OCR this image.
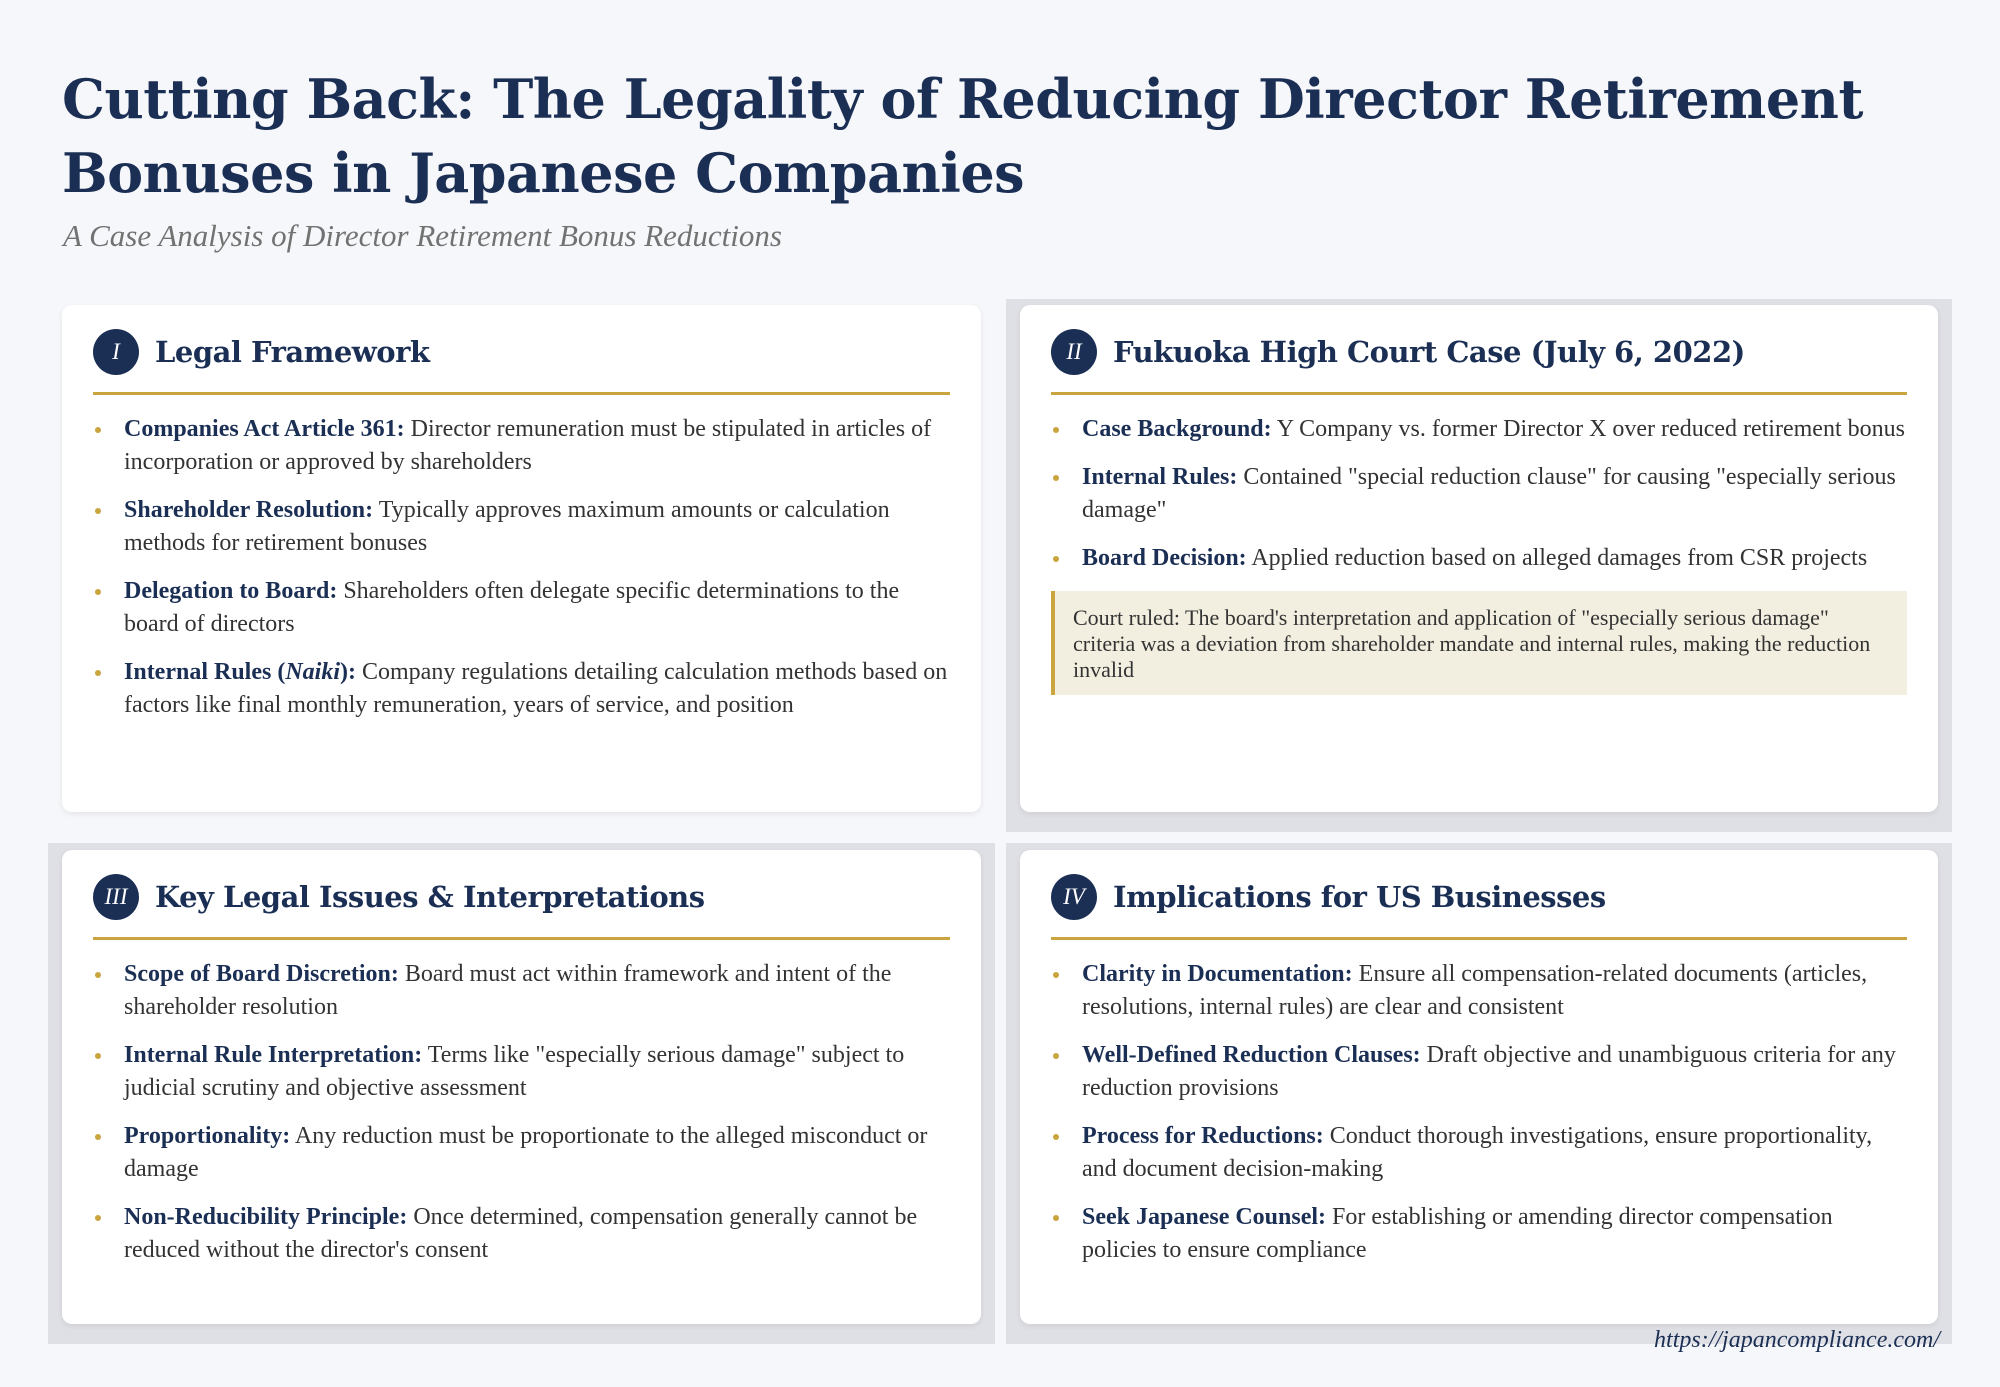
Cutting Back: The Legality of Reducing Director Retirement Bonuses in Japanese Companies
A Case Analysis of Director Retirement Bonus Reductions
I	Legal Framework
Companies Act Article 361: Director remuneration must be stipulated in articles of incorporation or approved by shareholders
Shareholder Resolution: Typically approves maximum amounts or calculation methods for retirement bonuses
Delegation to Board: Shareholders often delegate specific determinations to the board of directors
Internal Rules (Naiki): Company regulations detailing calculation methods based on factors like final monthly remuneration, years of service, and position
II	Fukuoka High Court Case (July 6, 2022)
Case Background: Y Company vs. former Director X over reduced retirement bonus
Internal Rules: Contained "special reduction clause" for causing "especially serious damage"
Board Decision: Applied reduction based on alleged damages from CSR projects
Court ruled: The board's interpretation and application of "especially serious damage" criteria was a deviation from shareholder mandate and internal rules, making the reduction invalid
III Key Legal Issues & Interpretations
Scope of Board Discretion: Board must act within framework and intent of the shareholder resolution
Internal Rule Interpretation: Terms like "especially serious damage" subject to judicial scrutiny and objective assessment
Proportionality: Any reduction must be proportionate to the alleged misconduct or damage
Non-Reducibility Principle: Once determined, compensation generally cannot be reduced without the director's consent
IV Implications for US Businesses
Clarity in Documentation: Ensure all compensation-related documents (articles, resolutions, internal rules) are clear and consistent
Well-Defined Reduction Clauses: Draft objective and unambiguous criteria for any reduction provisions
Process for Reductions: Conduct thorough investigations, ensure proportionality, and document decision-making
Seek Japanese Counsel: For establishing or amending director compensation policies to ensure compliance
https://japancompliance.com/
